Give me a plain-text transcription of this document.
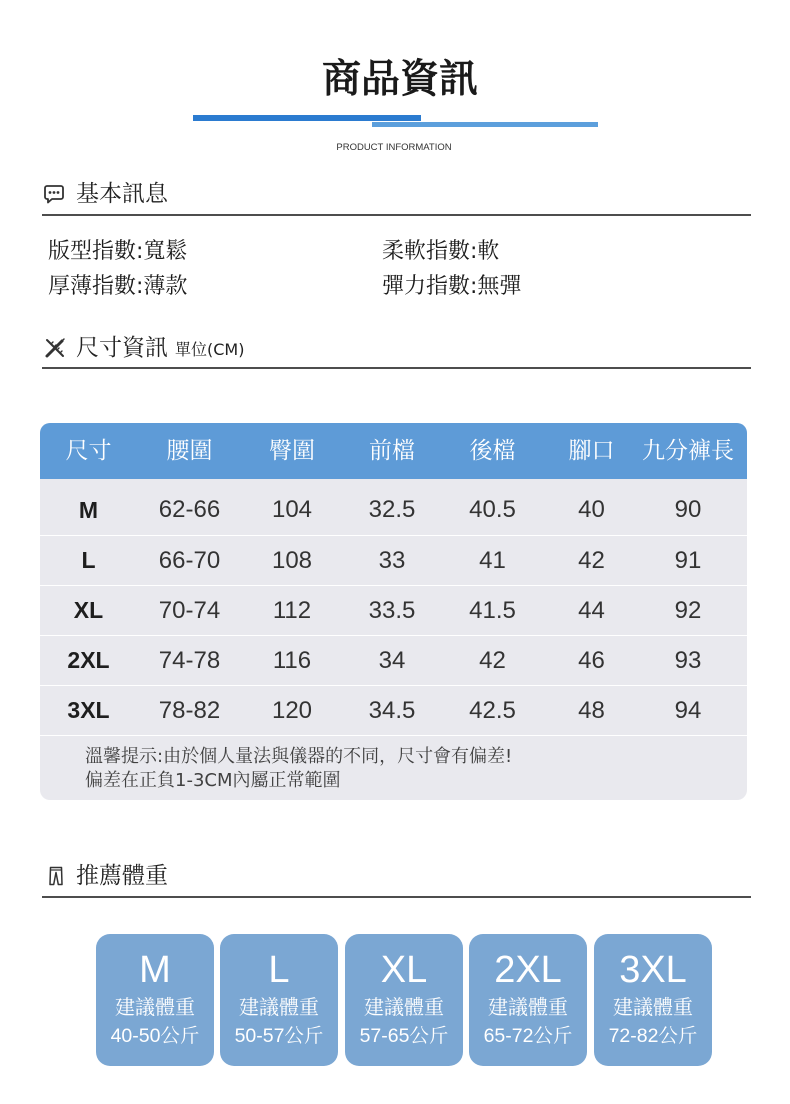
商品資訊
PRODUCT INFORMATION
基本訊息
版型指數:寬鬆	柔軟指數:軟
厚薄指數:薄款	彈力指數:無彈
尺寸資訊 單位(CM)
尺寸	腰圍	臀圍	前檔	後檔	腳口	九分褲長
M	62-66	104	32.5	40.5	40	90
L	66-70	108	33	41	42	91
XL	70-74	112	33.5	41.5	44	92
2XL	74-78	116	34	42	46	93
3XL	78-82	120	34.5	42.5	48	94
溫馨提示:由於個人量法與儀器的不同，尺寸會有偏差!
偏差在正負1-3CM內屬正常範圍
推薦體重
M
建議體重
40-50公斤
L
建議體重
50-57公斤
XL
建議體重
57-65公斤
2XL
建議體重
65-72公斤
3XL
建議體重
72-82公斤
